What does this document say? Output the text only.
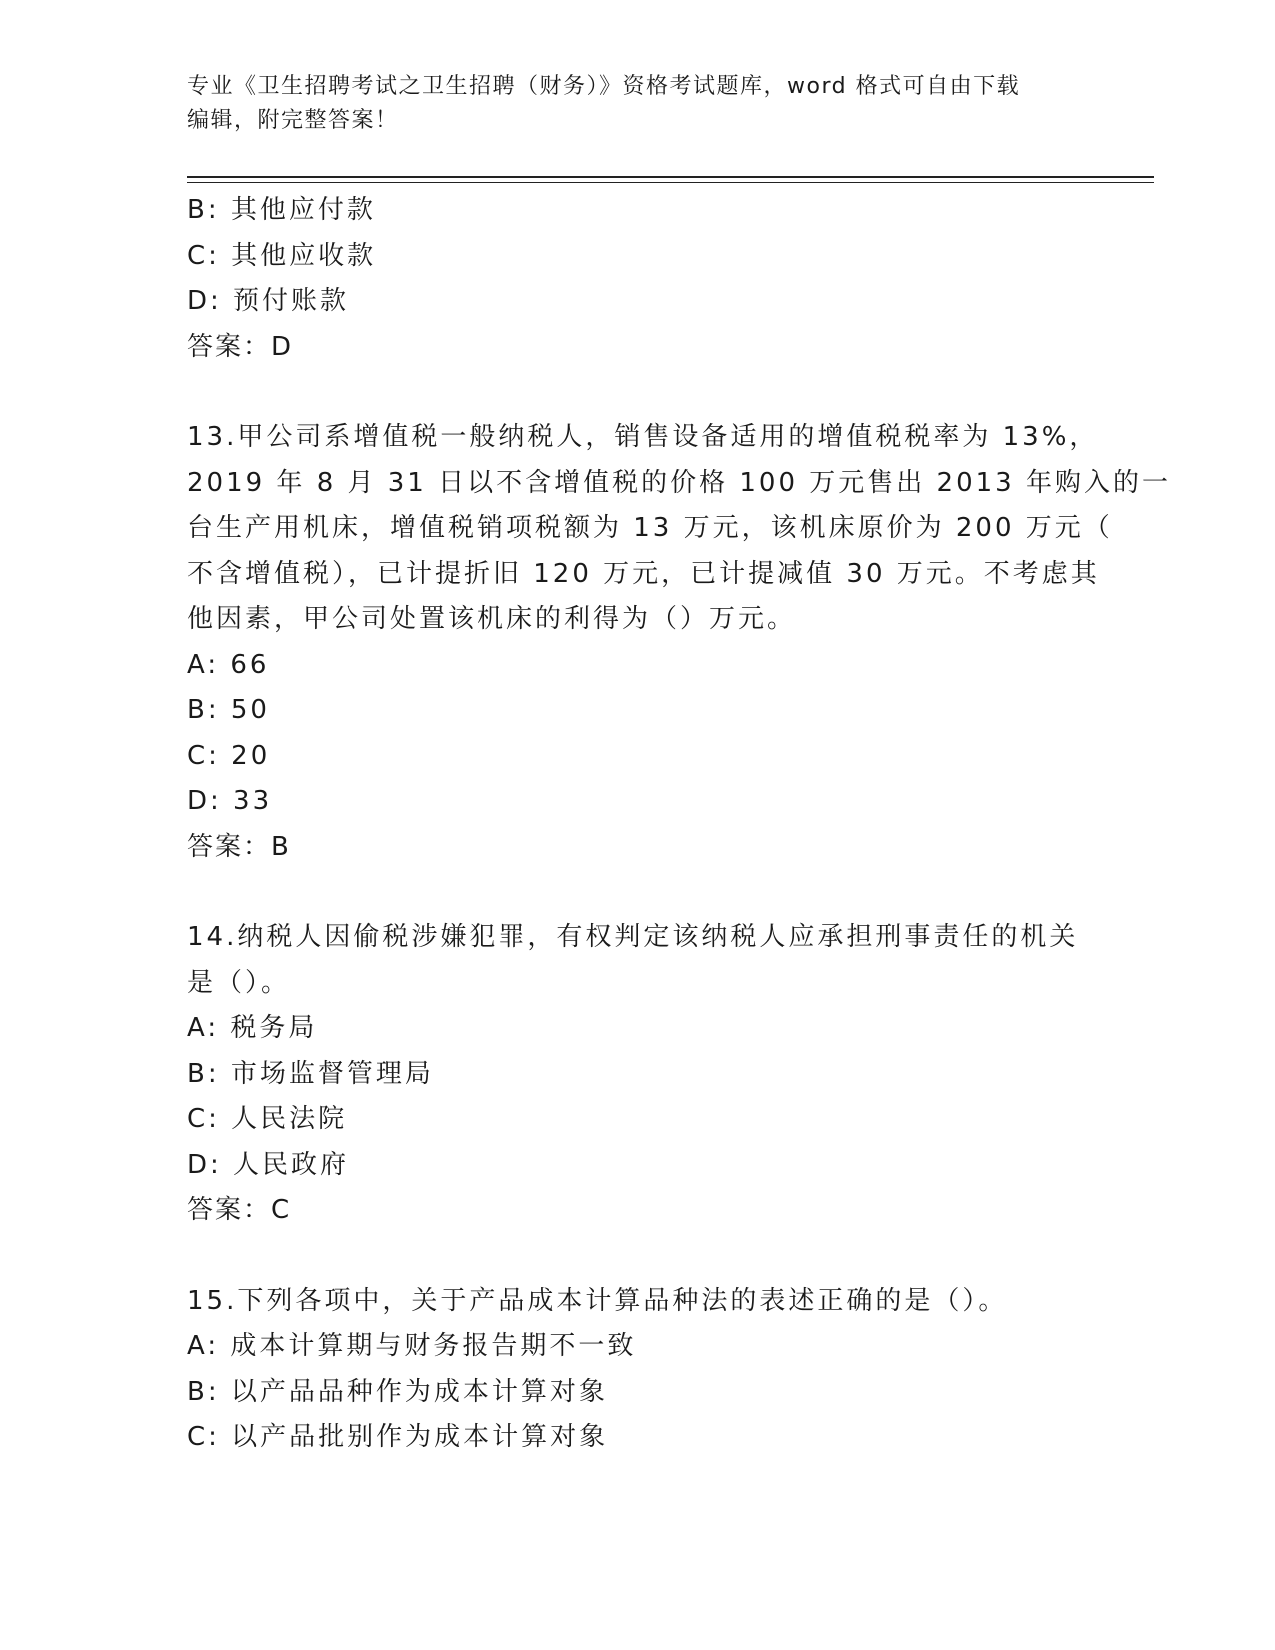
专业《卫生招聘考试之卫生招聘（财务）》资格考试题库，word 格式可自由下载
编辑，附完整答案！
B: 其他应付款
C: 其他应收款
D: 预付账款
答案：D
13.甲公司系增值税一般纳税人，销售设备适用的增值税税率为 13%，
2019 年 8 月 31 日以不含增值税的价格 100 万元售出 2013 年购入的一
台生产用机床，增值税销项税额为 13 万元，该机床原价为 200 万元（
不含增值税），已计提折旧 120 万元，已计提减值 30 万元。不考虑其
他因素，甲公司处置该机床的利得为（）万元。
A: 66
B: 50
C: 20
D: 33
答案：B
14.纳税人因偷税涉嫌犯罪，有权判定该纳税人应承担刑事责任的机关
是（）。
A: 税务局
B: 市场监督管理局
C: 人民法院
D: 人民政府
答案：C
15.下列各项中，关于产品成本计算品种法的表述正确的是（）。
A: 成本计算期与财务报告期不一致
B: 以产品品种作为成本计算对象
C: 以产品批别作为成本计算对象
